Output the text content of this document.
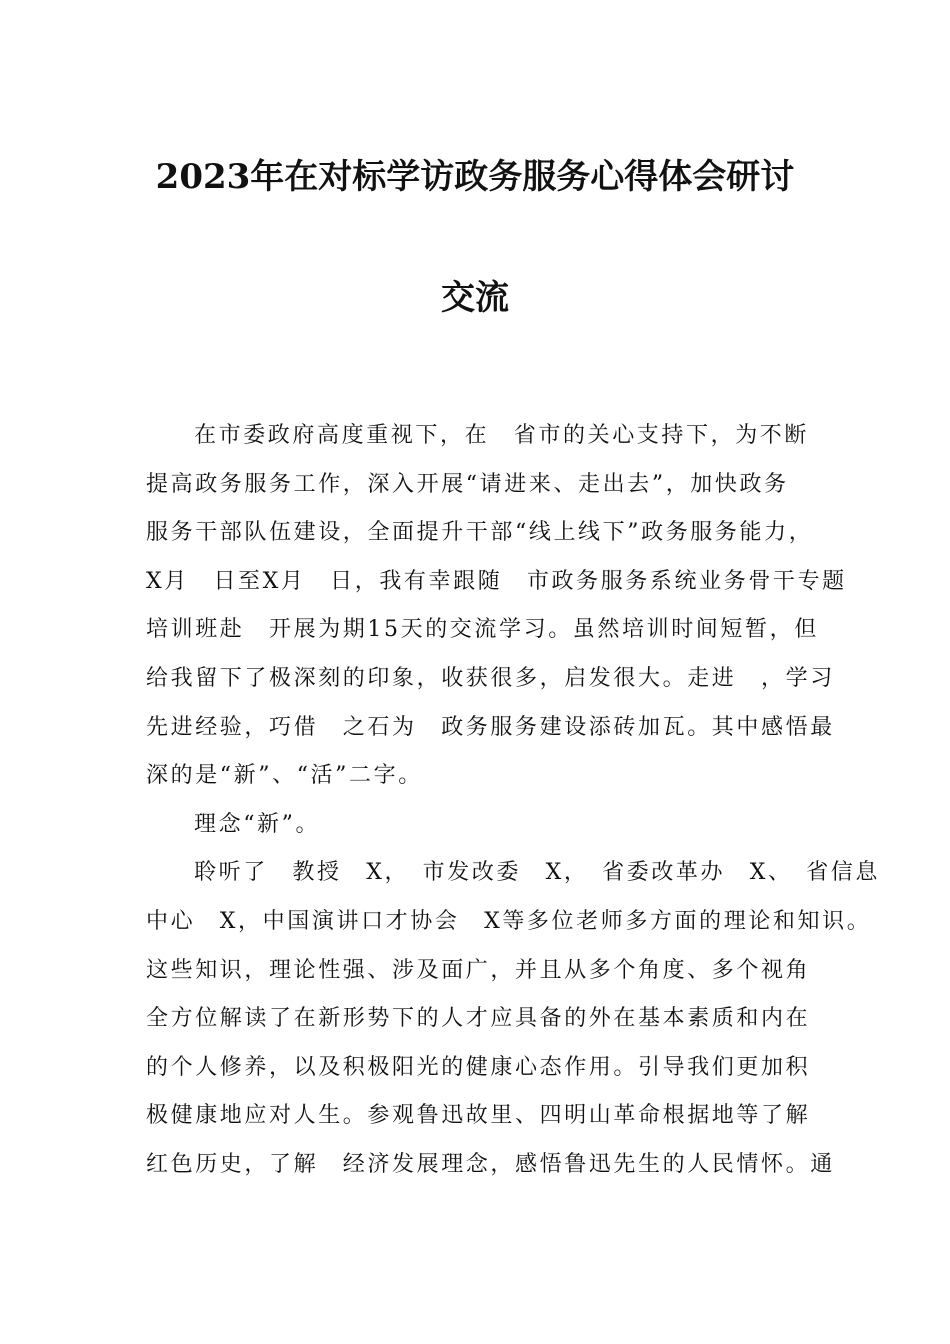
2023年在对标学访政务服务心得体会研讨
交流
在市委政府高度重视下，在　省市的关心支持下，为不断
提高政务服务工作，深入开展“请进来、走出去”，加快政务
服务干部队伍建设，全面提升干部“线上线下”政务服务能力，
X月　日至X月　日，我有幸跟随　市政务服务系统业务骨干专题
培训班赴　开展为期15天的交流学习。虽然培训时间短暂，但
给我留下了极深刻的印象，收获很多，启发很大。走进　，学习
先进经验，巧借　之石为　政务服务建设添砖加瓦。其中感悟最
深的是“新”、“活”二字。
理念“新”。
聆听了　教授　X，　市发改委　X，　省委改革办　X、　省信息
中心　X，中国演讲口才协会　X等多位老师多方面的理论和知识。
这些知识，理论性强、涉及面广，并且从多个角度、多个视角
全方位解读了在新形势下的人才应具备的外在基本素质和内在
的个人修养，以及积极阳光的健康心态作用。引导我们更加积
极健康地应对人生。参观鲁迅故里、四明山革命根据地等了解
红色历史，了解　经济发展理念，感悟鲁迅先生的人民情怀。通
